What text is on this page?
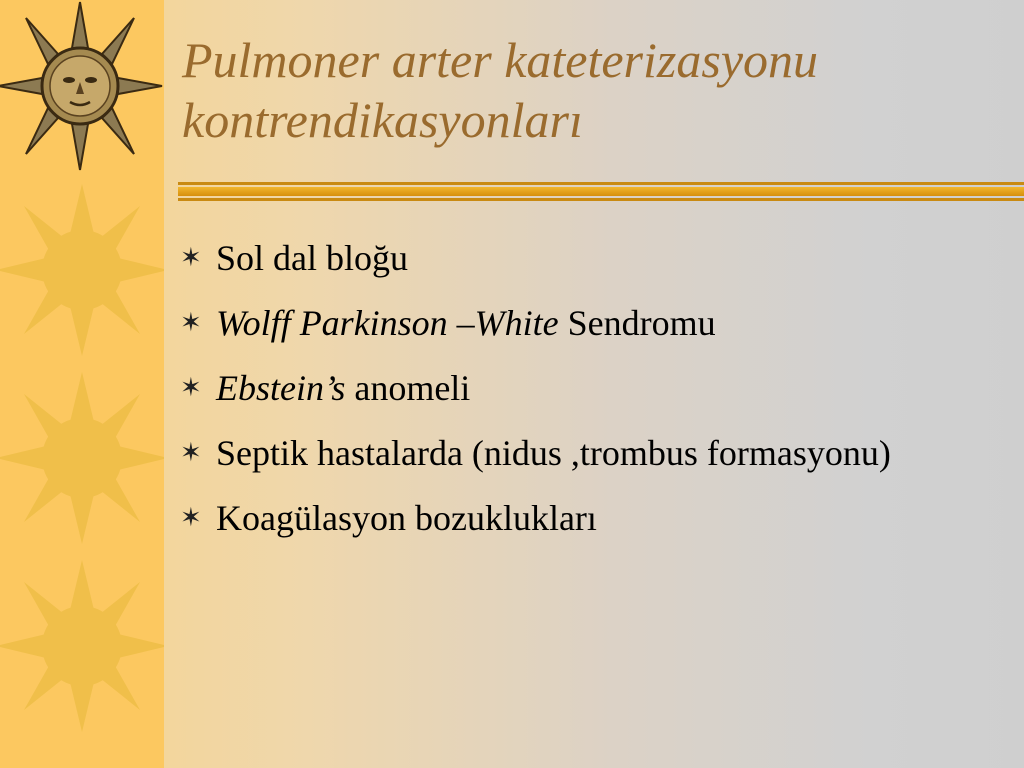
Pulmoner arter kateterizasyonu
kontrendikasyonları
✶ Sol dal bloğu
✶ Wolff Parkinson –White Sendromu
✶ Ebstein’s anomeli
✶ Septik hastalarda (nidus ,trombus formasyonu)
✶ Koagülasyon bozuklukları
